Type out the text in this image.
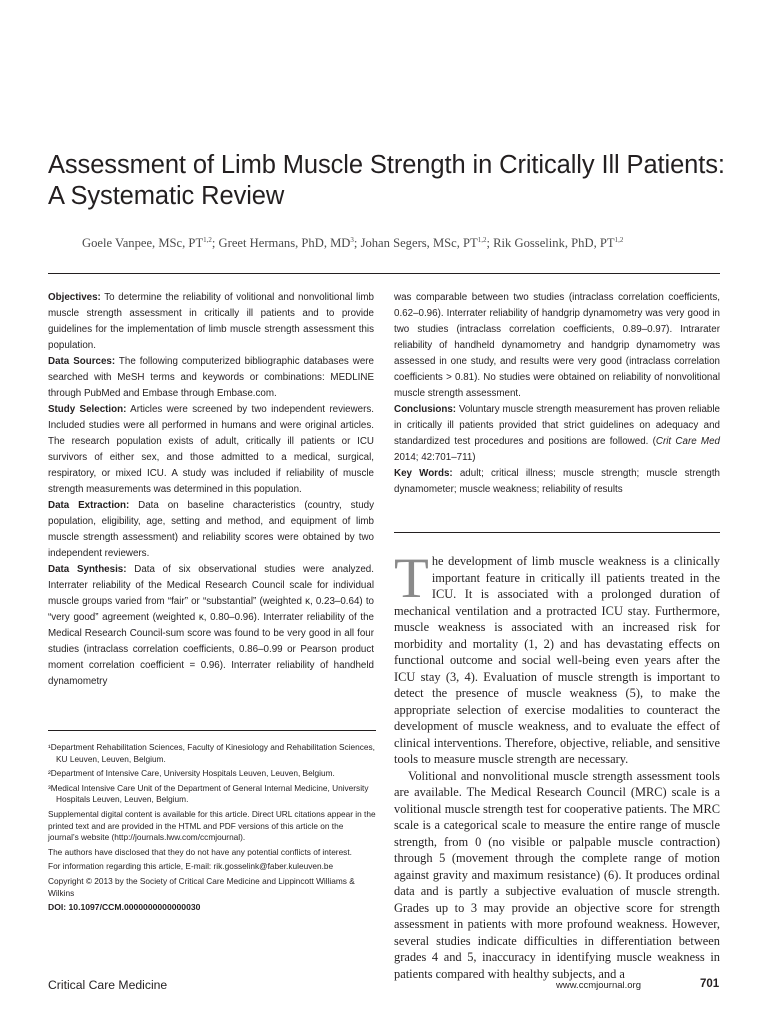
Assessment of Limb Muscle Strength in Critically Ill Patients: A Systematic Review
Goele Vanpee, MSc, PT$^{1,2}$; Greet Hermans, PhD, $MD^3$; Johan Segers, MSc, PT$^{1,2}$; Rik Gosselink, PhD, PT$^{1,2}$

Objectives: To determine the reliability of volitional and nonvolitional limb muscle strength assessment in critically ill patients and to provide guidelines for the implementation of limb muscle strength assessment this population.

Data Sources: The following computerized bibliographic databases were searched with MeSH terms and keywords or combinations: MEDLINE through PubMed and Embase through Embase.com.

Study Selection: Articles were screened by two independent reviewers. Included studies were all performed in humans and were original articles. The research population exists of adult, critically ill patients or ICU survivors of either sex, and those admitted to a medical, surgical, respiratory, or mixed ICU. A study was included if reliability of muscle strength measurements was determined in this population.

Data Extraction: Data on baseline characteristics (country, study population, eligibility, age, setting and method, and equipment of limb muscle strength assessment) and reliability scores were obtained by two independent reviewers.

Data Synthesis: Data of six observational studies were analyzed. Interrater reliability of the Medical Research Council scale for individual muscle groups varied from “fair” or “substantial” (weighted κ, 0.23–0.64) to “very good” agreement (weighted κ, 0.80–0.96). Interrater reliability of the Medical Research Council-sum score was found to be very good in all four studies (intraclass correlation coefficients, 0.86–0.99 or Pearson product moment correlation coefficient = 0.96). Interrater reliability of handheld dynamometry

was comparable between two studies (intraclass correlation coefficients, 0.62–0.96). Interrater reliability of handgrip dynamometry was very good in two studies (intraclass correlation coefficients, 0.89–0.97). Intrarater reliability of handheld dynamometry and handgrip dynamometry was assessed in one study, and results were very good (intraclass correlation coefficients > 0.81). No studies were obtained on reliability of nonvolitional muscle strength assessment.

Conclusions: Voluntary muscle strength measurement has proven reliable in critically ill patients provided that strict guidelines on adequacy and standardized test procedures and positions are followed. (Crit Care Med 2014; 42:701–711)

Key Words: adult; critical illness; muscle strength; muscle strength dynamometer; muscle weakness; reliability of results

¹Department Rehabilitation Sciences, Faculty of Kinesiology and Rehabilitation Sciences, KU Leuven, Leuven, Belgium.

²Department of Intensive Care, University Hospitals Leuven, Leuven, Belgium.

³Medical Intensive Care Unit of the Department of General Internal Medicine, University Hospitals Leuven, Leuven, Belgium.

Supplemental digital content is available for this article. Direct URL citations appear in the printed text and are provided in the HTML and PDF versions of this article on the journal’s website (http://journals.lww.com/ccmjournal).

The authors have disclosed that they do not have any potential conflicts of interest.

For information regarding this article, E-mail: rik.gosselink@faber.kuleuven.be

Copyright © 2013 by the Society of Critical Care Medicine and Lippincott Williams & Wilkins

DOI: 10.1097/CCM.0000000000000030

The development of limb muscle weakness is a clinically important feature in critically ill patients treated in the ICU. It is associated with a prolonged duration of mechanical ventilation and a protracted ICU stay. Furthermore, muscle weakness is associated with an increased risk for morbidity and mortality (1, 2) and has devastating effects on functional outcome and social well-being even years after the ICU stay (3, 4). Evaluation of muscle strength is important to detect the presence of muscle weakness (5), to make the appropriate selection of exercise modalities to counteract the development of muscle weakness, and to evaluate the effect of clinical interventions. Therefore, objective, reliable, and sensitive tools to measure muscle strength are necessary.

Volitional and nonvolitional muscle strength assessment tools are available. The Medical Research Council (MRC) scale is a volitional muscle strength test for cooperative patients. The MRC scale is a categorical scale to measure the entire range of muscle strength, from 0 (no visible or palpable muscle contraction) through 5 (movement through the complete range of motion against gravity and maximum resistance) (6). It produces ordinal data and is partly a subjective evaluation of muscle strength. Grades up to 3 may provide an objective score for strength assessment in patients with more profound weakness. However, several studies indicate difficulties in differentiation between grades 4 and 5, inaccuracy in identifying muscle weakness in patients compared with healthy subjects, and a

Critical Care Medicine	www.ccmjournal.org	701
